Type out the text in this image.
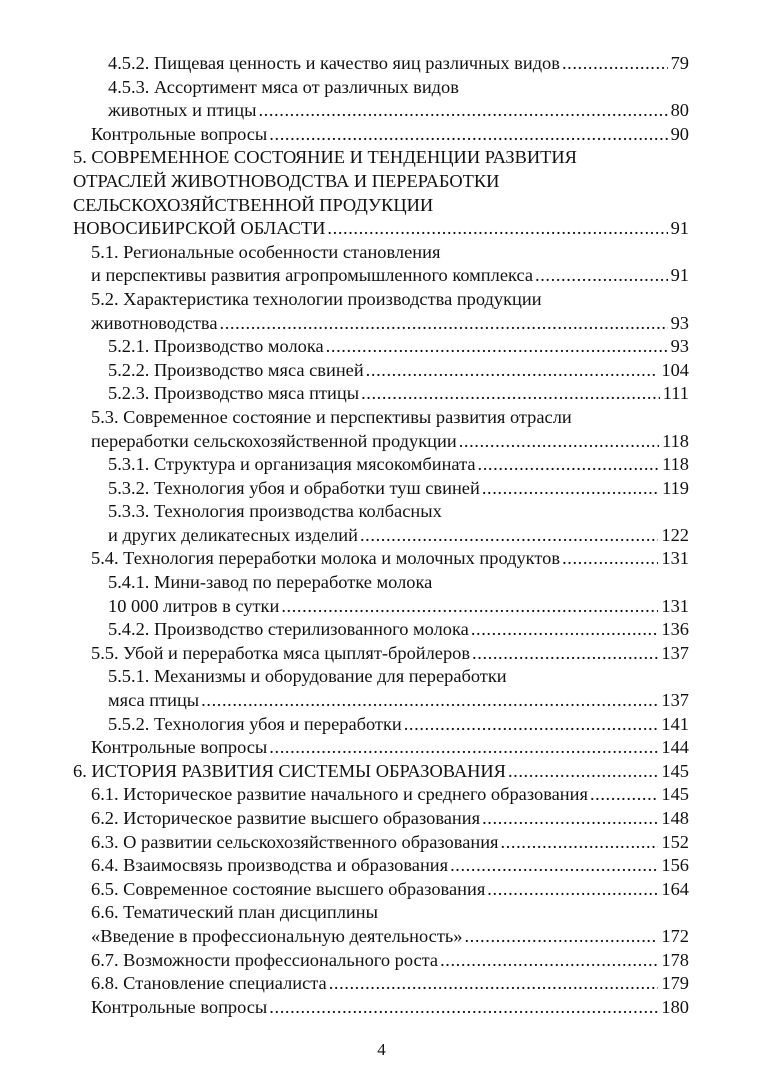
4.5.2. Пищевая ценность и качество яиц различных видов .....	79
4.5.3. Ассортимент мяса от различных видов
животных и птицы .....	80
Контрольные вопросы .....	90
5. СОВРЕМЕННОЕ СОСТОЯНИЕ И ТЕНДЕНЦИИ РАЗВИТИЯ
ОТРАСЛЕЙ ЖИВОТНОВОДСТВА И ПЕРЕРАБОТКИ
СЕЛЬСКОХОЗЯЙСТВЕННОЙ ПРОДУКЦИИ
НОВОСИБИРСКОЙ ОБЛАСТИ .....	91
5.1. Региональные особенности становления
и перспективы развития агропромышленного комплекса .....	91
5.2. Характеристика технологии производства продукции
животноводства .....	93
5.2.1. Производство молока .....	93
5.2.2. Производство мяса свиней .....	104
5.2.3. Производство мяса птицы .....	111
5.3. Современное состояние и перспективы развития отрасли
переработки сельскохозяйственной продукции .....	118
5.3.1. Структура и организация мясокомбината .....	118
5.3.2. Технология убоя и обработки туш свиней .....	119
5.3.3. Технология производства колбасных
и других деликатесных изделий .....	122
5.4. Технология переработки молока и молочных продуктов .....	131
5.4.1. Мини-завод по переработке молока
10 000 литров в сутки .....	131
5.4.2. Производство стерилизованного молока .....	136
5.5. Убой и переработка мяса цыплят-бройлеров .....	137
5.5.1. Механизмы и оборудование для переработки
мяса птицы .....	137
5.5.2. Технология убоя и переработки .....	141
Контрольные вопросы .....	144
6. ИСТОРИЯ РАЗВИТИЯ СИСТЕМЫ ОБРАЗОВАНИЯ .....	145
6.1. Историческое развитие начального и среднего образования .....	145
6.2. Историческое развитие высшего образования .....	148
6.3. О развитии сельскохозяйственного образования .....	152
6.4. Взаимосвязь производства и образования .....	156
6.5. Современное состояние высшего образования .....	164
6.6. Тематический план дисциплины
«Введение в профессиональную деятельность» .....	172
6.7. Возможности профессионального роста .....	178
6.8. Становление специалиста .....	179
Контрольные вопросы .....	180
4
